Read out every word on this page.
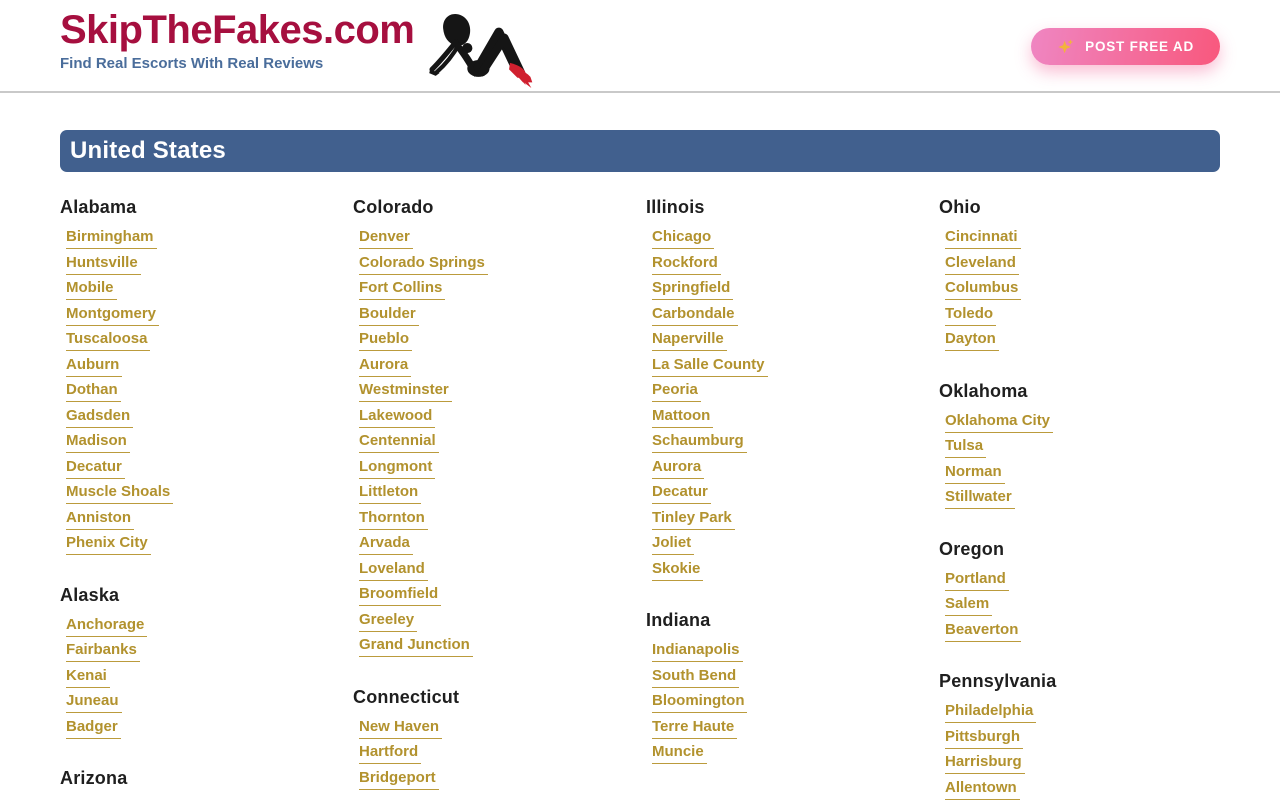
SkipTheFakes.com
Find Real Escorts With Real Reviews
POST FREE AD
United States
Alabama
Birmingham
Huntsville
Mobile
Montgomery
Tuscaloosa
Auburn
Dothan
Gadsden
Madison
Decatur
Muscle Shoals
Anniston
Phenix City
Alaska
Anchorage
Fairbanks
Kenai
Juneau
Badger
Arizona
Colorado
Denver
Colorado Springs
Fort Collins
Boulder
Pueblo
Aurora
Westminster
Lakewood
Centennial
Longmont
Littleton
Thornton
Arvada
Loveland
Broomfield
Greeley
Grand Junction
Connecticut
New Haven
Hartford
Bridgeport
Illinois
Chicago
Rockford
Springfield
Carbondale
Naperville
La Salle County
Peoria
Mattoon
Schaumburg
Aurora
Decatur
Tinley Park
Joliet
Skokie
Indiana
Indianapolis
South Bend
Bloomington
Terre Haute
Muncie
Ohio
Cincinnati
Cleveland
Columbus
Toledo
Dayton
Oklahoma
Oklahoma City
Tulsa
Norman
Stillwater
Oregon
Portland
Salem
Beaverton
Pennsylvania
Philadelphia
Pittsburgh
Harrisburg
Allentown
